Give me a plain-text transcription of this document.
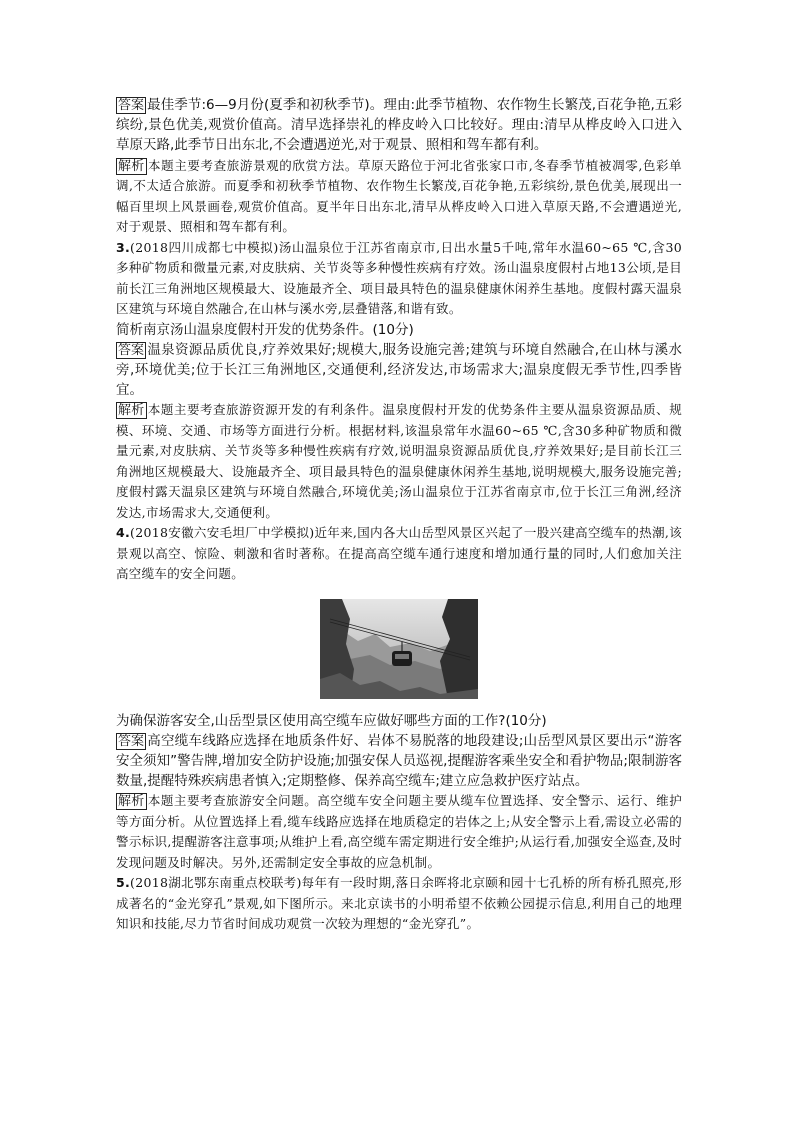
答案 最佳季节:6—9月份(夏季和初秋季节)。理由:此季节植物、农作物生长繁茂,百花争艳,五彩缤纷,景色优美,观赏价值高。清早选择崇礼的桦皮岭入口比较好。理由:清早从桦皮岭入口进入草原天路,此季节日出东北,不会遭遇逆光,对于观景、照相和驾车都有利。

解析 本题主要考查旅游景观的欣赏方法。草原天路位于河北省张家口市,冬春季节植被凋零,色彩单调,不太适合旅游。而夏季和初秋季节植物、农作物生长繁茂,百花争艳,五彩缤纷,景色优美,展现出一幅百里坝上风景画卷,观赏价值高。夏半年日出东北,清早从桦皮岭入口进入草原天路,不会遭遇逆光,对于观景、照相和驾车都有利。

3.(2018四川成都七中模拟)汤山温泉位于江苏省南京市,日出水量5千吨,常年水温60~65 ℃,含30多种矿物质和微量元素,对皮肤病、关节炎等多种慢性疾病有疗效。汤山温泉度假村占地13公顷,是目前长江三角洲地区规模最大、设施最齐全、项目最具特色的温泉健康休闲养生基地。度假村露天温泉区建筑与环境自然融合,在山林与溪水旁,层叠错落,和谐有致。

简析南京汤山温泉度假村开发的优势条件。(10分)

答案 温泉资源品质优良,疗养效果好;规模大,服务设施完善;建筑与环境自然融合,在山林与溪水旁,环境优美;位于长江三角洲地区,交通便利,经济发达,市场需求大;温泉度假无季节性,四季皆宜。

解析 本题主要考查旅游资源开发的有利条件。温泉度假村开发的优势条件主要从温泉资源品质、规模、环境、交通、市场等方面进行分析。根据材料,该温泉常年水温60~65 ℃,含30多种矿物质和微量元素,对皮肤病、关节炎等多种慢性疾病有疗效,说明温泉资源品质优良,疗养效果好;是目前长江三角洲地区规模最大、设施最齐全、项目最具特色的温泉健康休闲养生基地,说明规模大,服务设施完善;度假村露天温泉区建筑与环境自然融合,环境优美;汤山温泉位于江苏省南京市,位于长江三角洲,经济发达,市场需求大,交通便利。

4.(2018安徽六安毛坦厂中学模拟)近年来,国内各大山岳型风景区兴起了一股兴建高空缆车的热潮,该景观以高空、惊险、刺激和省时著称。在提高高空缆车通行速度和增加通行量的同时,人们愈加关注高空缆车的安全问题。

为确保游客安全,山岳型景区使用高空缆车应做好哪些方面的工作?(10分)

答案 高空缆车线路应选择在地质条件好、岩体不易脱落的地段建设;山岳型风景区要出示“游客安全须知”警告牌,增加安全防护设施;加强安保人员巡视,提醒游客乘坐安全和看护物品;限制游客数量,提醒特殊疾病患者慎入;定期整修、保养高空缆车;建立应急救护医疗站点。

解析 本题主要考查旅游安全问题。高空缆车安全问题主要从缆车位置选择、安全警示、运行、维护等方面分析。从位置选择上看,缆车线路应选择在地质稳定的岩体之上;从安全警示上看,需设立必需的警示标识,提醒游客注意事项;从维护上看,高空缆车需定期进行安全维护;从运行看,加强安全巡查,及时发现问题及时解决。另外,还需制定安全事故的应急机制。

5.(2018湖北鄂东南重点校联考)每年有一段时期,落日余晖将北京颐和园十七孔桥的所有桥孔照亮,形成著名的“金光穿孔”景观,如下图所示。来北京读书的小明希望不依赖公园提示信息,利用自己的地理知识和技能,尽力节省时间成功观赏一次较为理想的“金光穿孔”。
